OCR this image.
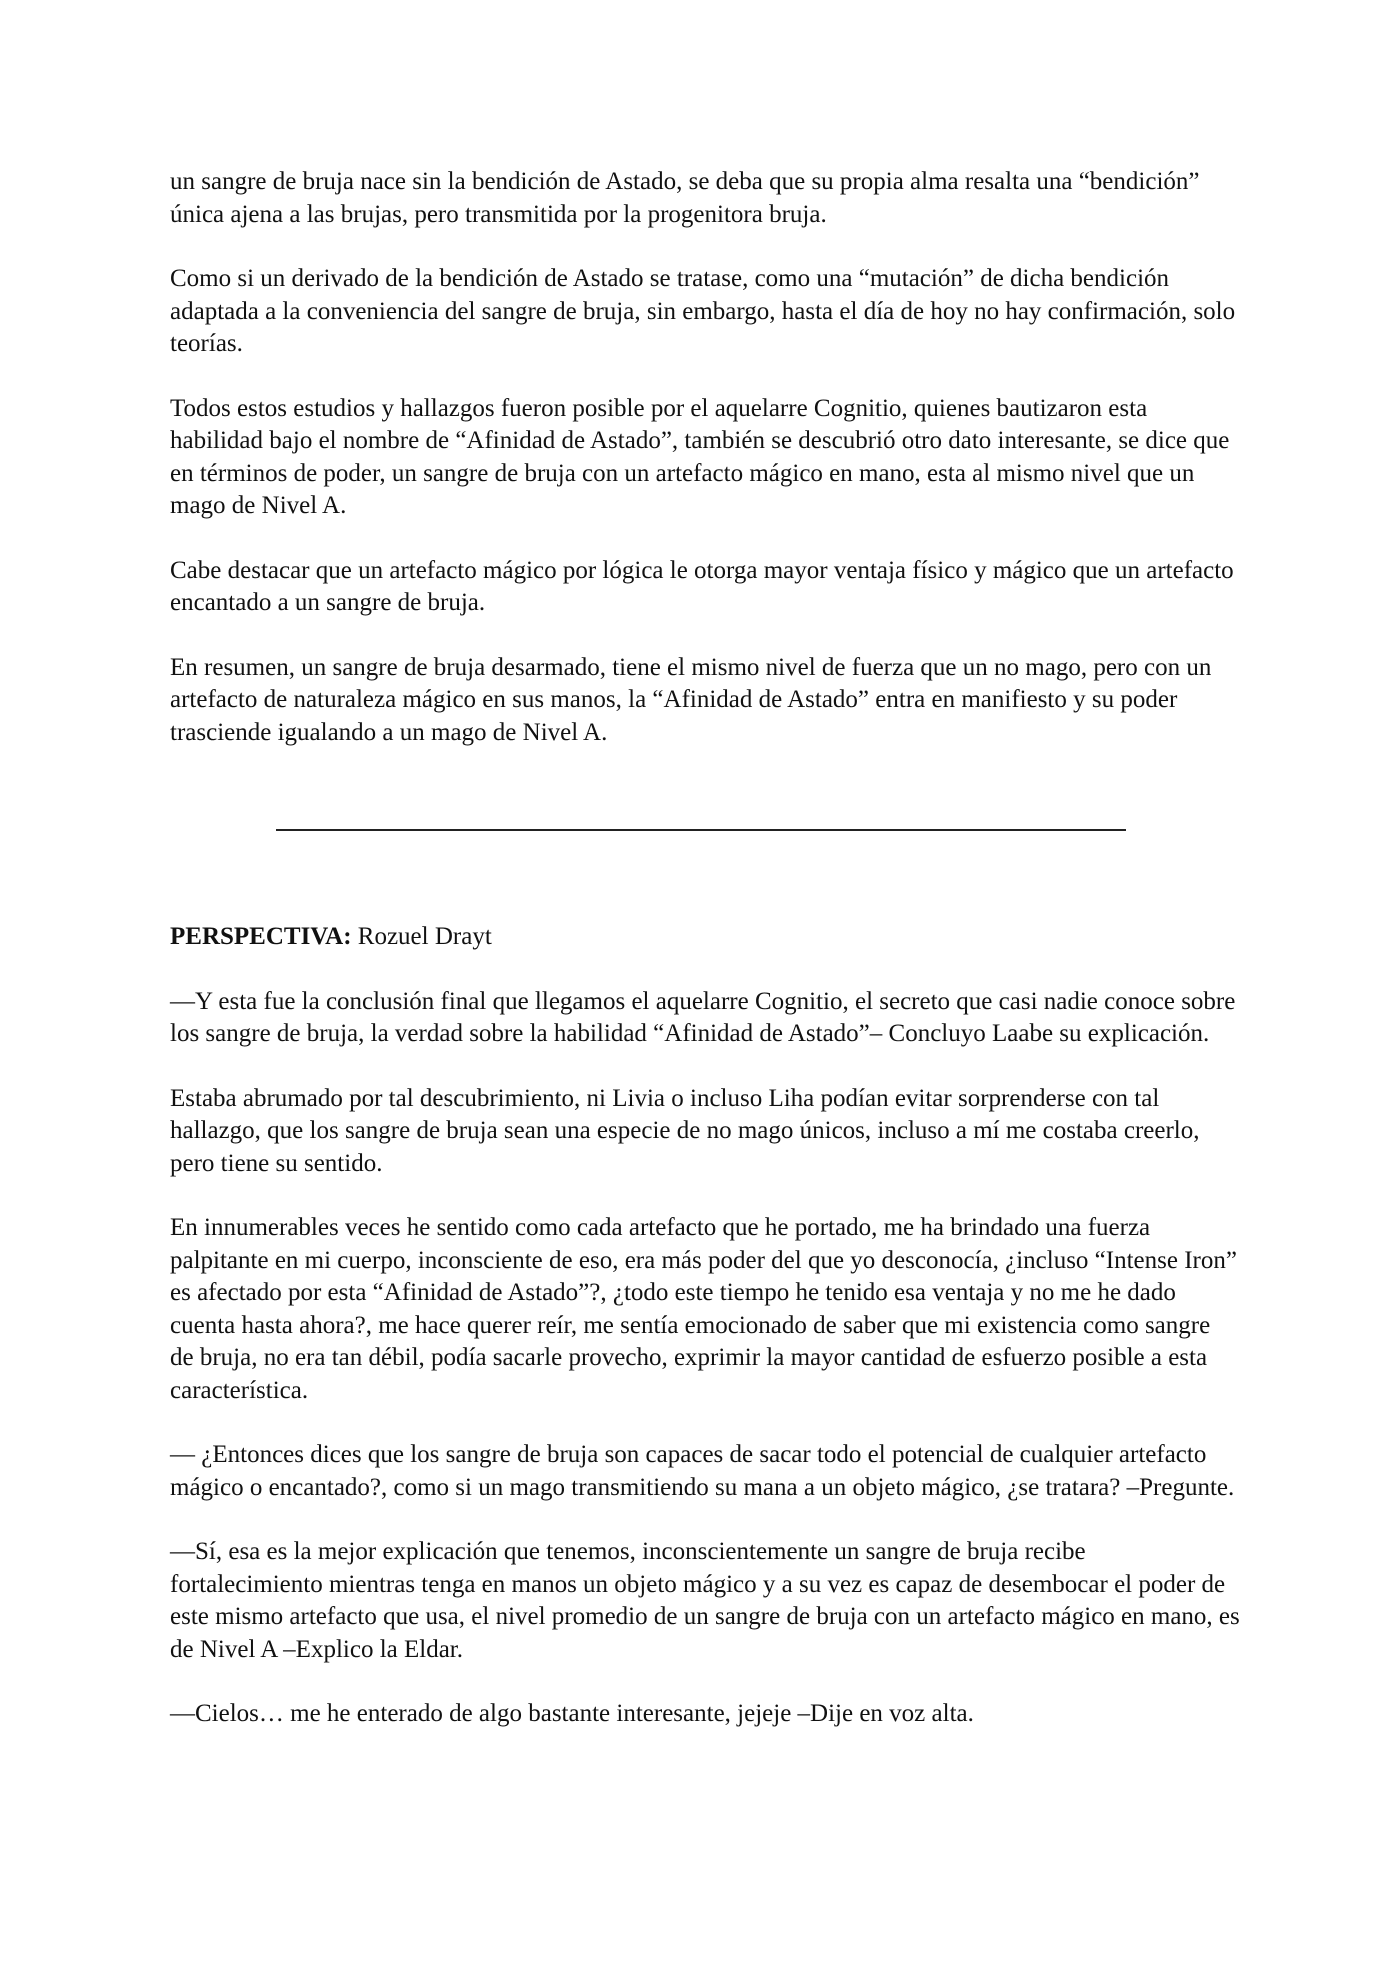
un sangre de bruja nace sin la bendición de Astado, se deba que su propia alma resalta una “bendición” única ajena a las brujas, pero transmitida por la progenitora bruja.

Como si un derivado de la bendición de Astado se tratase, como una “mutación” de dicha bendición adaptada a la conveniencia del sangre de bruja, sin embargo, hasta el día de hoy no hay confirmación, solo teorías.

Todos estos estudios y hallazgos fueron posible por el aquelarre Cognitio, quienes bautizaron esta habilidad bajo el nombre de “Afinidad de Astado”, también se descubrió otro dato interesante, se dice que en términos de poder, un sangre de bruja con un artefacto mágico en mano, esta al mismo nivel que un mago de Nivel A.

Cabe destacar que un artefacto mágico por lógica le otorga mayor ventaja físico y mágico que un artefacto encantado a un sangre de bruja.

En resumen, un sangre de bruja desarmado, tiene el mismo nivel de fuerza que un no mago, pero con un artefacto de naturaleza mágico en sus manos, la “Afinidad de Astado” entra en manifiesto y su poder trasciende igualando a un mago de Nivel A.

PERSPECTIVA: Rozuel Drayt

—Y esta fue la conclusión final que llegamos el aquelarre Cognitio, el secreto que casi nadie conoce sobre los sangre de bruja, la verdad sobre la habilidad “Afinidad de Astado”– Concluyo Laabe su explicación.

Estaba abrumado por tal descubrimiento, ni Livia o incluso Liha podían evitar sorprenderse con tal hallazgo, que los sangre de bruja sean una especie de no mago únicos, incluso a mí me costaba creerlo, pero tiene su sentido.

En innumerables veces he sentido como cada artefacto que he portado, me ha brindado una fuerza palpitante en mi cuerpo, inconsciente de eso, era más poder del que yo desconocía, ¿incluso “Intense Iron” es afectado por esta “Afinidad de Astado”?, ¿todo este tiempo he tenido esa ventaja y no me he dado cuenta hasta ahora?, me hace querer reír, me sentía emocionado de saber que mi existencia como sangre de bruja, no era tan débil, podía sacarle provecho, exprimir la mayor cantidad de esfuerzo posible a esta característica.

— ¿Entonces dices que los sangre de bruja son capaces de sacar todo el potencial de cualquier artefacto mágico o encantado?, como si un mago transmitiendo su mana a un objeto mágico, ¿se tratara? –Pregunte.

—Sí, esa es la mejor explicación que tenemos, inconscientemente un sangre de bruja recibe fortalecimiento mientras tenga en manos un objeto mágico y a su vez es capaz de desembocar el poder de este mismo artefacto que usa, el nivel promedio de un sangre de bruja con un artefacto mágico en mano, es de Nivel A –Explico la Eldar.

—Cielos… me he enterado de algo bastante interesante, jejeje –Dije en voz alta.
